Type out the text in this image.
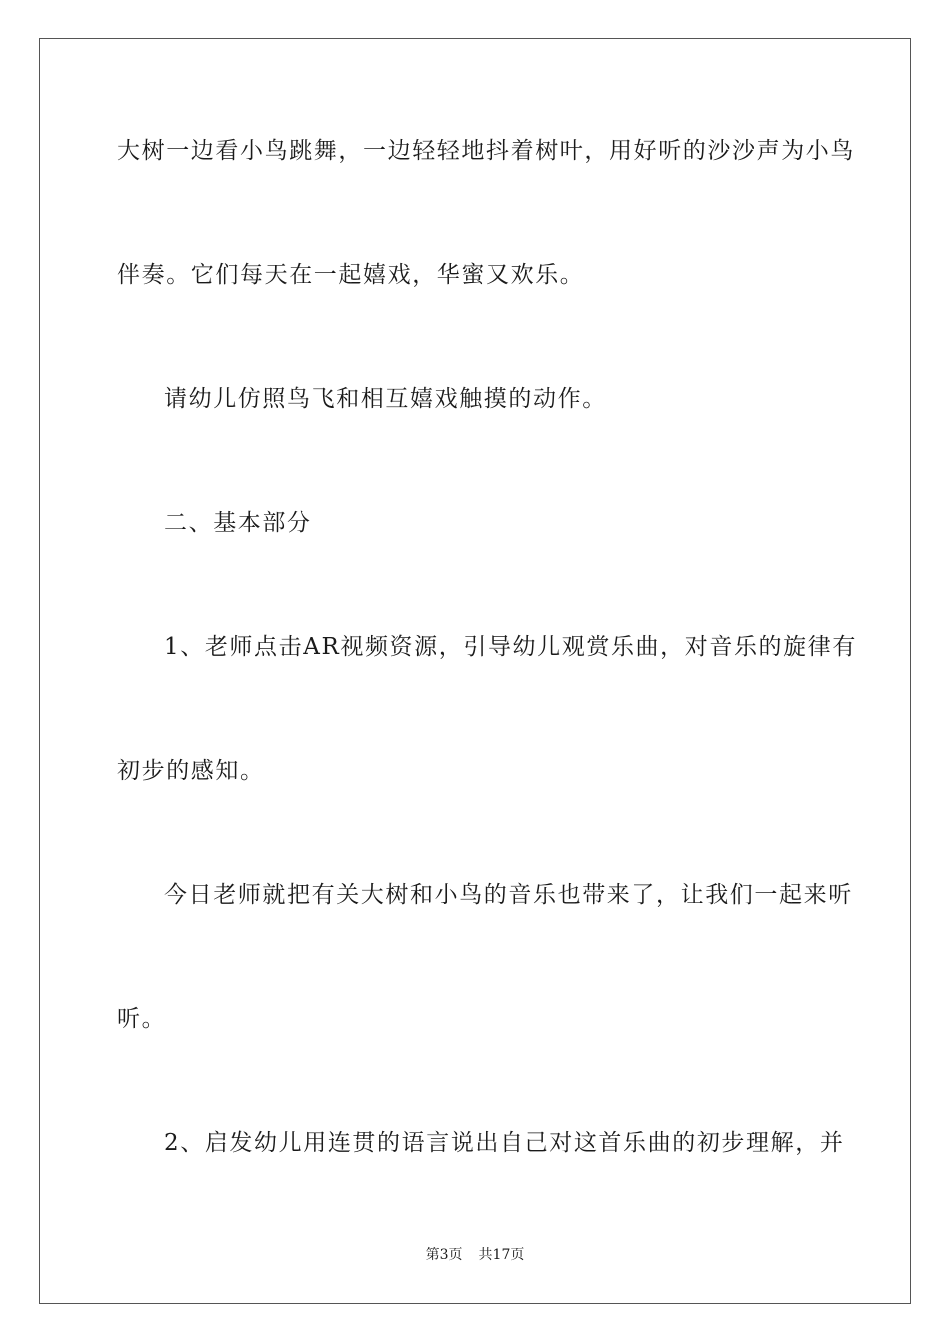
大树一边看小鸟跳舞，一边轻轻地抖着树叶，用好听的沙沙声为小鸟
伴奏。它们每天在一起嬉戏，华蜜又欢乐。
请幼儿仿照鸟飞和相互嬉戏触摸的动作。
二、基本部分
1、老师点击AR视频资源，引导幼儿观赏乐曲，对音乐的旋律有
初步的感知。
今日老师就把有关大树和小鸟的音乐也带来了，让我们一起来听
听。
2、启发幼儿用连贯的语言说出自己对这首乐曲的初步理解，并
第3页 共17页
